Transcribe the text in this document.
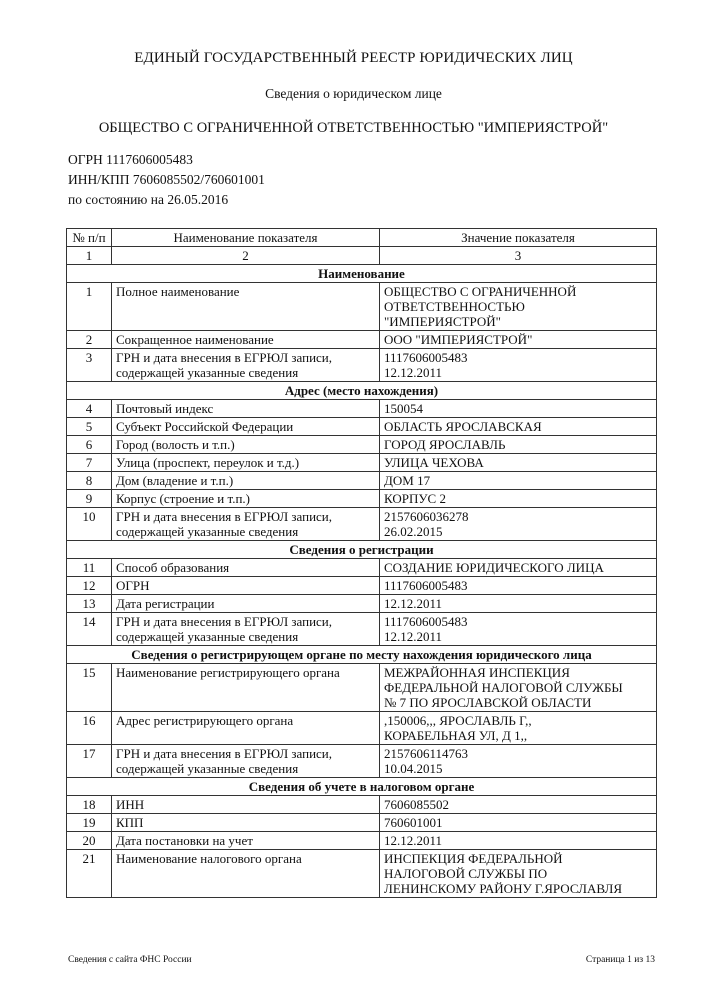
ЕДИНЫЙ ГОСУДАРСТВЕННЫЙ РЕЕСТР ЮРИДИЧЕСКИХ ЛИЦ
Сведения о юридическом лице
ОБЩЕСТВО С ОГРАНИЧЕННОЙ ОТВЕТСТВЕННОСТЬЮ "ИМПЕРИЯСТРОЙ"
ОГРН 1117606005483
ИНН/КПП 7606085502/760601001
по состоянию на 26.05.2016
№ п/п	Наименование показателя	Значение показателя
1	2	3
Наименование		
1	Полное наименование	ОБЩЕСТВО С ОГРАНИЧЕННОЙ
ОТВЕТСТВЕННОСТЬЮ
"ИМПЕРИЯСТРОЙ"
2	Сокращенное наименование	ООО "ИМПЕРИЯСТРОЙ"
3	ГРН и дата внесения в ЕГРЮЛ записи,
содержащей указанные сведения	1117606005483
12.12.2011
Адрес (место нахождения)		
4	Почтовый индекс	150054
5	Субъект Российской Федерации	ОБЛАСТЬ ЯРОСЛАВСКАЯ
6	Город (волость и т.п.)	ГОРОД ЯРОСЛАВЛЬ
7	Улица (проспект, переулок и т.д.)	УЛИЦА ЧЕХОВА
8	Дом (владение и т.п.)	ДОМ 17
9	Корпус (строение и т.п.)	КОРПУС 2
10	ГРН и дата внесения в ЕГРЮЛ записи,
содержащей указанные сведения	2157606036278
26.02.2015
Сведения о регистрации		
11	Способ образования	СОЗДАНИЕ ЮРИДИЧЕСКОГО ЛИЦА
12	ОГРН	1117606005483
13	Дата регистрации	12.12.2011
14	ГРН и дата внесения в ЕГРЮЛ записи,
содержащей указанные сведения	1117606005483
12.12.2011
Сведения о регистрирующем органе по месту нахождения юридического лица		
15	Наименование регистрирующего органа	МЕЖРАЙОННАЯ ИНСПЕКЦИЯ
ФЕДЕРАЛЬНОЙ НАЛОГОВОЙ СЛУЖБЫ
№ 7 ПО ЯРОСЛАВСКОЙ ОБЛАСТИ
16	Адрес регистрирующего органа	,150006,,, ЯРОСЛАВЛЬ Г,,
КОРАБЕЛЬНАЯ УЛ, Д 1,,
17	ГРН и дата внесения в ЕГРЮЛ записи,
содержащей указанные сведения	2157606114763
10.04.2015
Сведения об учете в налоговом органе		
18	ИНН	7606085502
19	КПП	760601001
20	Дата постановки на учет	12.12.2011
21	Наименование налогового органа	ИНСПЕКЦИЯ ФЕДЕРАЛЬНОЙ
НАЛОГОВОЙ СЛУЖБЫ ПО
ЛЕНИНСКОМУ РАЙОНУ Г.ЯРОСЛАВЛЯ
Сведения с сайта ФНС России	Страница 1 из 13
